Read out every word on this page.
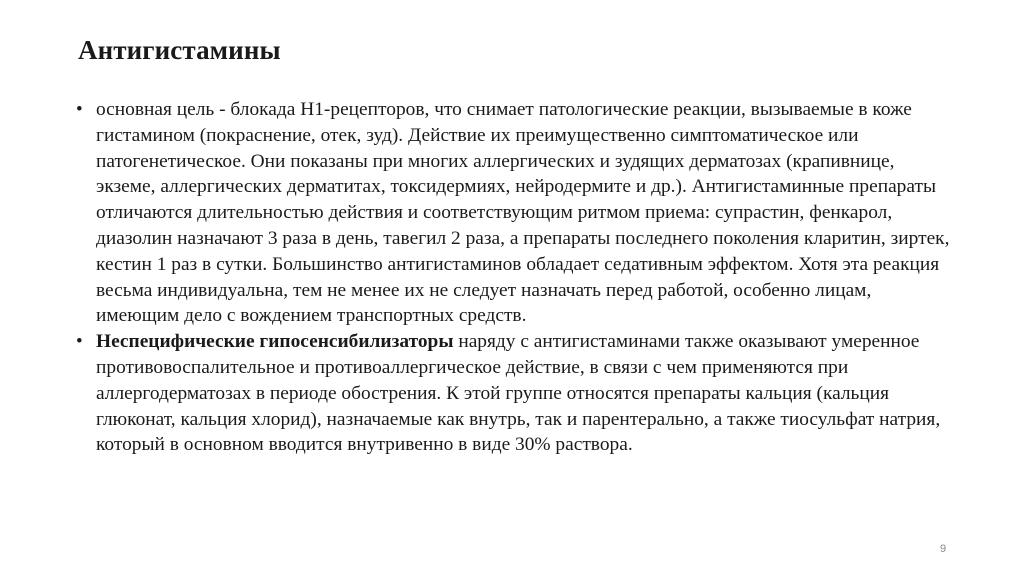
Антигистамины
• основная цель - блокада Н1-рецепторов, что снимает патологические реакции, вызываемые в коже гистамином (покраснение, отек, зуд). Действие их преимущественно симптоматическое или патогенетическое. Они показаны при многих аллергических и зудящих дерматозах (крапивнице, экземе, аллергических дерматитах, токсидермиях, нейродермите и др.). Антигистаминные препараты отличаются длительностью действия и соответствующим ритмом приема: супрастин, фенкарол, диазолин назначают 3 раза в день, тавегил 2 раза, а препараты последнего поколения кларитин, зиртек, кестин 1 раз в сутки. Большинство антигистаминов обладает седативным эффектом. Хотя эта реакция весьма индивидуальна, тем не менее их не следует назначать перед работой, особенно лицам, имеющим дело с вождением транспортных средств.
• Неспецифические гипосенсибилизаторы наряду с антигистаминами также оказывают умеренное противовоспалительное и противоаллергическое действие, в связи с чем применяются при аллергодерматозах в периоде обострения. К этой группе относятся препараты кальция (кальция глюконат, кальция хлорид), назначаемые как внутрь, так и парентерально, а также тиосульфат натрия, который в основном вводится внутривенно в виде 30% раствора.
9
